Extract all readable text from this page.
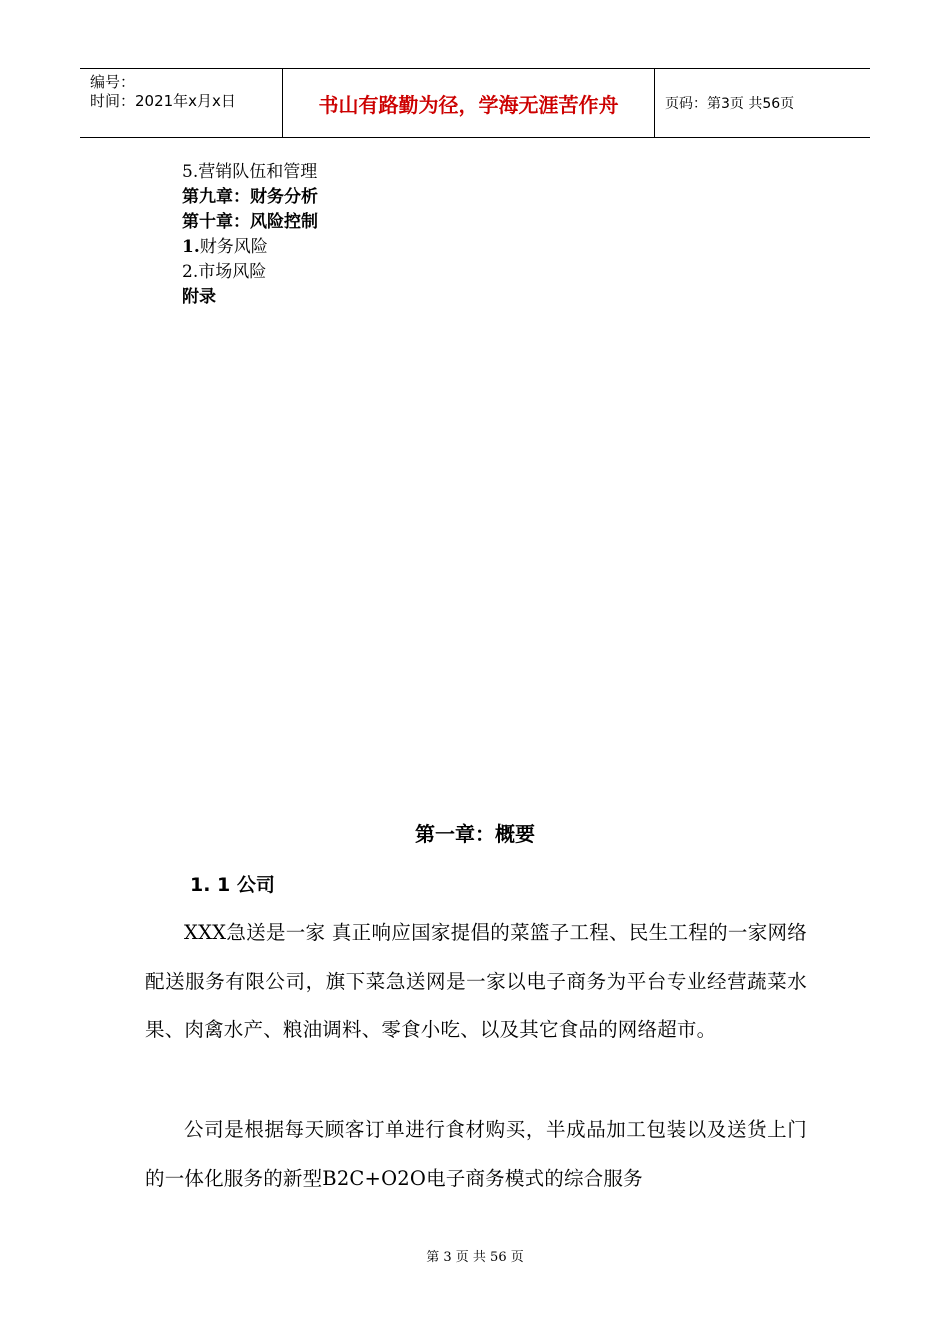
编号：
时间：2021年x月x日	书山有路勤为径，学海无涯苦作舟	页码：第3页 共56页
5.营销队伍和管理
第九章：财务分析
第十章：风险控制
1.财务风险
2.市场风险
附录
第一章：概要
1. 1 公司
XXX急送是一家 真正响应国家提倡的菜篮子工程、民生工程的一家网络配送服务有限公司，旗下菜急送网是一家以电子商务为平台专业经营蔬菜水果、肉禽水产、粮油调料、零食小吃、以及其它食品的网络超市。
公司是根据每天顾客订单进行食材购买，半成品加工包装以及送货上门的一体化服务的新型B2C+O2O电子商务模式的综合服务
第 3 页 共 56 页
